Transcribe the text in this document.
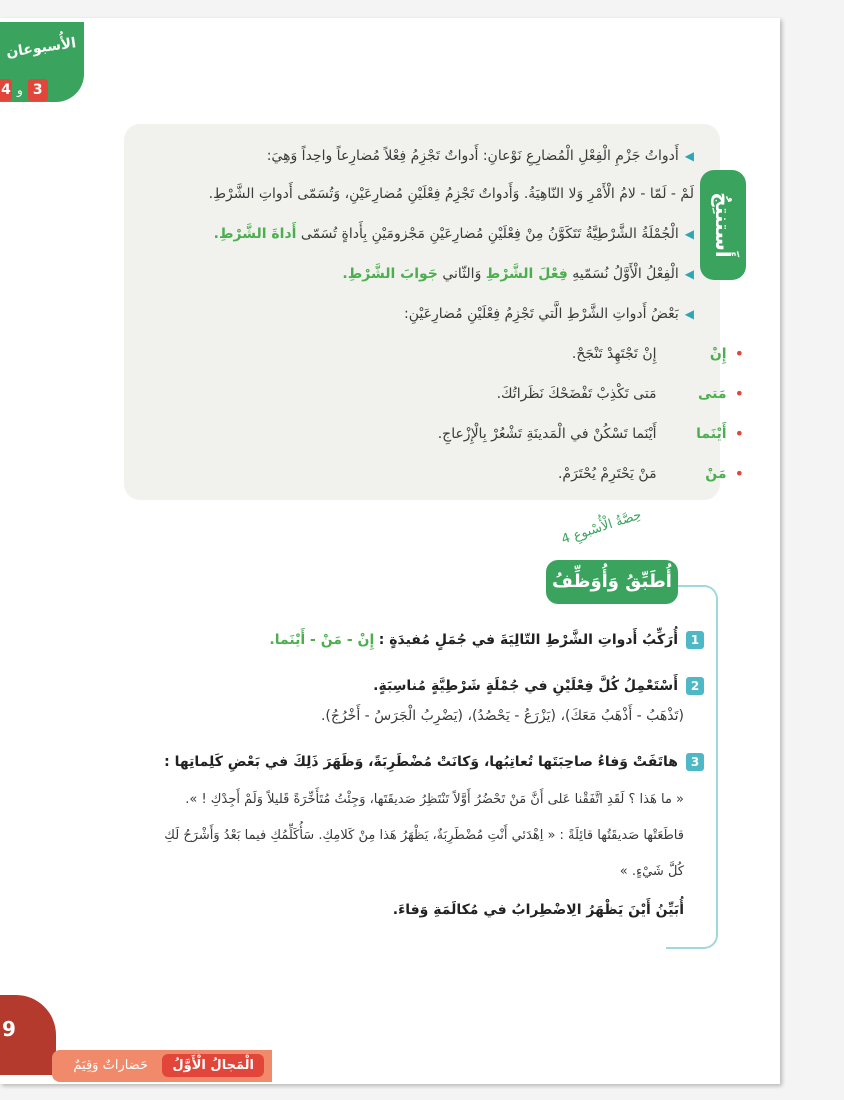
الأُسبوعان
4 و 3
أَستنتِجُ
◀أَدواتُ جَزْمِ الْفِعْلِ الْمُضارِعِ نَوْعانِ: أَدواتٌ تَجْزِمُ فِعْلاً مُضارِعاً واحِداً وَهِيَ:
لَمْ - لَمّا - لامُ الْأَمْرِ وَلا النّاهِيَةُ. وَأَدواتٌ تَجْزِمُ فِعْلَيْنِ مُضارِعَيْنِ، وَتُسَمّى أَدواتِ الشَّرْطِ.
◀الْجُمْلَةُ الشَّرْطِيَّةُ تَتَكَوَّنُ مِنْ فِعْلَيْنِ مُضارِعَيْنِ مَجْزومَيْنِ بِأَداةٍ تُسَمّى أَداةَ الشَّرْطِ.
◀الْفِعْلُ الْأَوَّلُ نُسَمّيهِ فِعْلَ الشَّرْطِ وَالثّاني جَوابَ الشَّرْطِ.
◀بَعْضُ أَدواتِ الشَّرْطِ الَّتي تَجْزِمُ فِعْلَيْنِ مُضارِعَيْنِ:
•
إِنْ
إِنْ تَجْتَهِدْ تَنْجَحْ.
•
مَتى
مَتى تَكْذِبْ تَفْضَحْكَ نَظَراتُكَ.
•
أَيْنَما
أَيْنَما تَسْكُنْ في الْمَدينَةِ تَشْعُرْ بِالْإِزْعاجِ.
•
مَنْ
مَنْ يَحْتَرِمْ يُحْتَرَمْ.
حِصَّةُ الْأُسْبوعِ 4
أُطَبِّقُ وَأُوَظِّفُ
1أُرَكِّبُ أَدواتِ الشَّرْطِ التّالِيَةَ في جُمَلٍ مُفيدَةٍ : إِنْ - مَنْ - أَيْنَما.
2أَسْتَعْمِلُ كُلَّ فِعْلَيْنِ في جُمْلَةٍ شَرْطِيَّةٍ مُناسِبَةٍ.
(تَذْهَبُ - أَذْهَبُ مَعَكَ)، (يَزْرَعُ - يَحْصُدُ)، (يَضْرِبُ الْجَرَسُ - أَخْرُجُ).
3هاتَفَتْ وَفاءُ صاحِبَتَها تُعاتِبُها، وَكانَتْ مُضْطَرِبَةً، وَظَهَرَ ذَلِكَ في بَعْضِ كَلِماتِها :
« ما هَذا ؟ لَقَدِ اتَّفَقْنا عَلى أَنَّ مَنْ تَحْضُرُ أَوَّلاً تَنْتَظِرُ صَديقَتَها، وَجِئْتُ مُتَأَخِّرَةً قَليلاً وَلَمْ أَجِدْكِ ! ».
قاطَعَتْها صَديقَتُها قائِلَةً : « اِهْدَئي أَنْتِ مُضْطَرِبَةٌ، يَظْهَرُ هَذا مِنْ كَلامِكِ. سَأُكَلِّمُكِ فيما بَعْدُ وَأَشْرَحُ لَكِ
كُلَّ شَيْءٍ. »
أُبَيِّنُ أَيْنَ يَظْهَرُ الِاضْطِرابُ في مُكالَمَةِ وَفاءَ.
9
الْمَجالُ الْأَوَّلُ
حَضاراتٌ وَقِيَمٌ
